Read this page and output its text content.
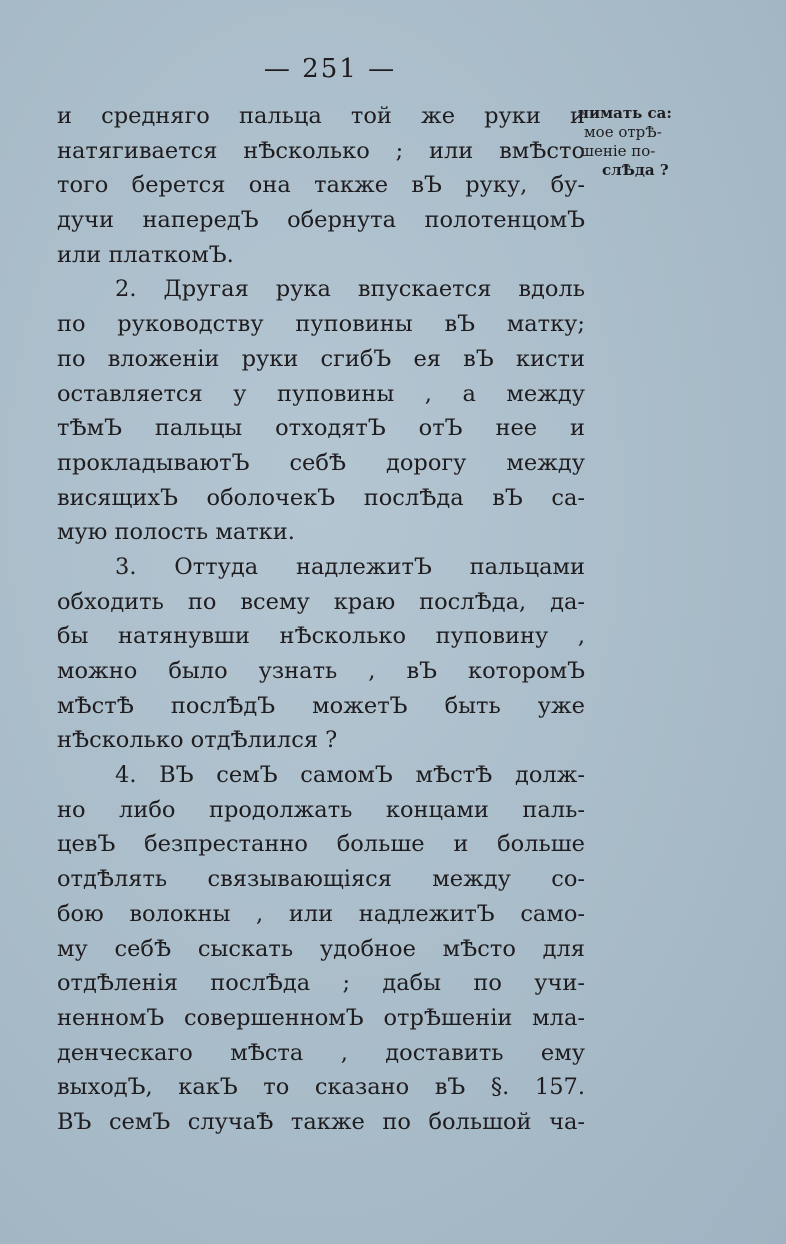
— 251 —
нимать са:
мое отрѢ-
шеніе по-
слѢда ?
и средняго пальца той же руки и
натягивается нѢсколько ; или вмѢсто
того берется она также вЪ руку, бу-
дучи напередЪ обернута полотенцомЪ
или платкомЪ.
2. Другая рука впускается вдоль
по руководству пуповины вЪ матку;
по вложеніи руки сгибЪ ея вЪ кисти
оставляется у пуповины , а между
тѢмЪ пальцы отходятЪ отЪ нее и
прокладываютЪ себѢ дорогу между
висящихЪ оболочекЪ послѢда вЪ са-
мую полость матки.
3. Оттуда надлежитЪ пальцами
обходить по всему краю послѢда, да-
бы натянувши нѢсколько пуповину ,
можно было узнать , вЪ которомЪ
мѢстѢ послѢдЪ можетЪ быть уже
нѢсколько отдѢлился ?
4. ВЪ семЪ самомЪ мѢстѢ долж-
но либо продолжать концами паль-
цевЪ безпрестанно больше и больше
отдѢлять связывающіяся между со-
бою волокны , или надлежитЪ само-
му себѢ сыскать удобное мѢсто для
отдѢленія послѢда ; дабы по учи-
ненномЪ совершенномЪ отрѢшеніи мла-
денческаго мѢста , доставить ему
выходЪ, какЪ то сказано вЪ §. 157.
ВЪ семЪ случаѢ также по большой ча-
